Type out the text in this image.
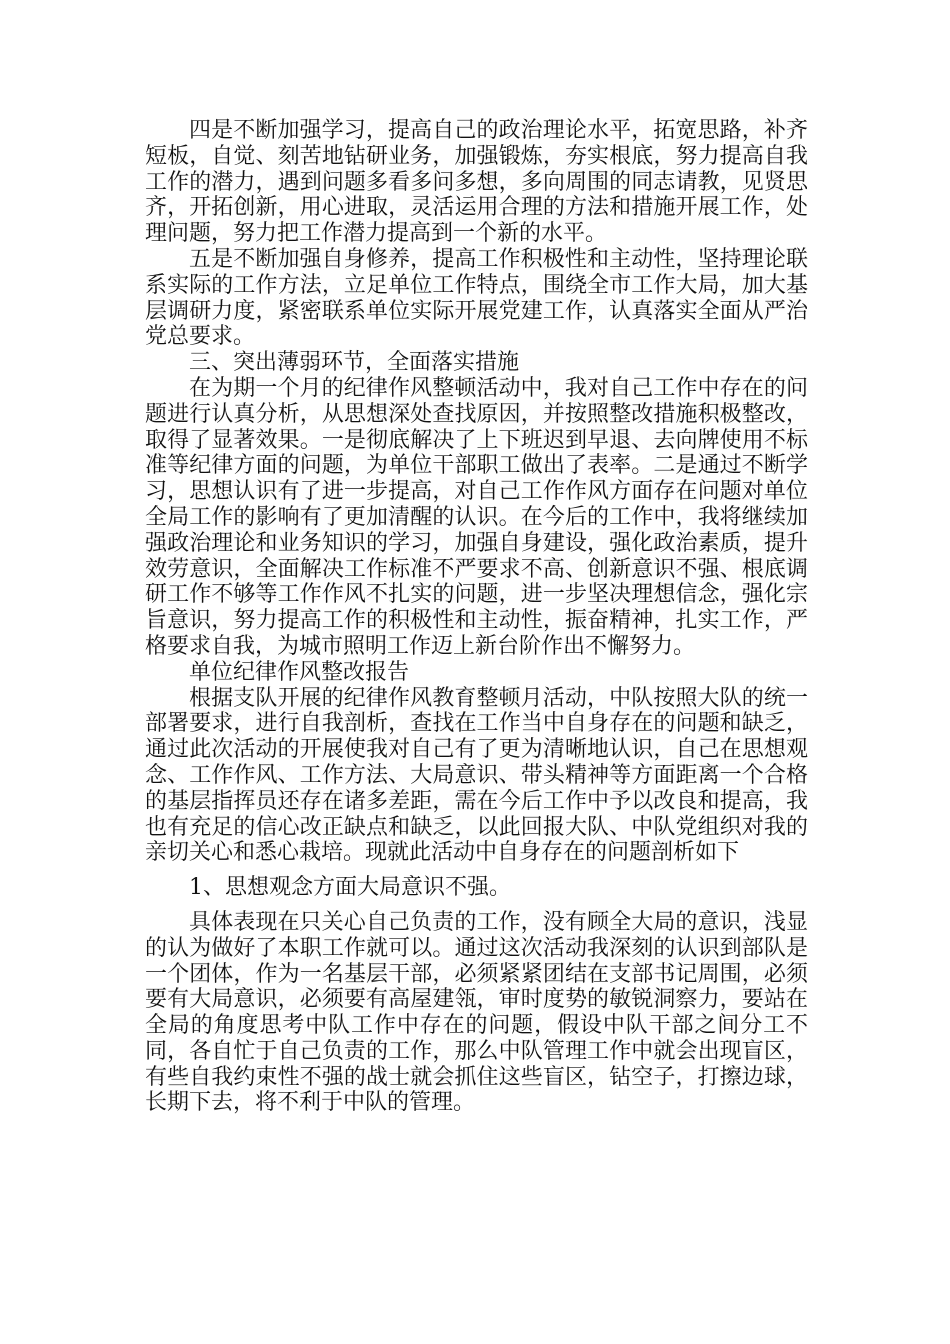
四是不断加强学习，提高自己的政治理论水平，拓宽思路，补齐短板，自觉、刻苦地钻研业务，加强锻炼，夯实根底，努力提高自我工作的潜力，遇到问题多看多问多想，多向周围的同志请教，见贤思齐，开拓创新，用心进取，灵活运用合理的方法和措施开展工作，处理问题，努力把工作潜力提高到一个新的水平。

五是不断加强自身修养，提高工作积极性和主动性，坚持理论联系实际的工作方法，立足单位工作特点，围绕全市工作大局，加大基层调研力度，紧密联系单位实际开展党建工作，认真落实全面从严治党总要求。

三、突出薄弱环节，全面落实措施

在为期一个月的纪律作风整顿活动中，我对自己工作中存在的问题进行认真分析，从思想深处查找原因，并按照整改措施积极整改，取得了显著效果。一是彻底解决了上下班迟到早退、去向牌使用不标准等纪律方面的问题，为单位干部职工做出了表率。二是通过不断学习，思想认识有了进一步提高，对自己工作作风方面存在问题对单位全局工作的影响有了更加清醒的认识。在今后的工作中，我将继续加强政治理论和业务知识的学习，加强自身建设，强化政治素质，提升效劳意识，全面解决工作标准不严要求不高、创新意识不强、根底调研工作不够等工作作风不扎实的问题，进一步坚决理想信念，强化宗旨意识，努力提高工作的积极性和主动性，振奋精神，扎实工作，严格要求自我，为城市照明工作迈上新台阶作出不懈努力。

单位纪律作风整改报告

根据支队开展的纪律作风教育整顿月活动，中队按照大队的统一部署要求，进行自我剖析，查找在工作当中自身存在的问题和缺乏，通过此次活动的开展使我对自己有了更为清晰地认识，自己在思想观念、工作作风、工作方法、大局意识、带头精神等方面距离一个合格的基层指挥员还存在诸多差距，需在今后工作中予以改良和提高，我也有充足的信心改正缺点和缺乏，以此回报大队、中队党组织对我的亲切关心和悉心栽培。现就此活动中自身存在的问题剖析如下

1、思想观念方面大局意识不强。

具体表现在只关心自己负责的工作，没有顾全大局的意识，浅显的认为做好了本职工作就可以。通过这次活动我深刻的认识到部队是一个团体，作为一名基层干部，必须紧紧团结在支部书记周围，必须要有大局意识，必须要有高屋建瓴，审时度势的敏锐洞察力，要站在全局的角度思考中队工作中存在的问题，假设中队干部之间分工不同，各自忙于自己负责的工作，那么中队管理工作中就会出现盲区，有些自我约束性不强的战士就会抓住这些盲区，钻空子，打擦边球，长期下去，将不利于中队的管理。
